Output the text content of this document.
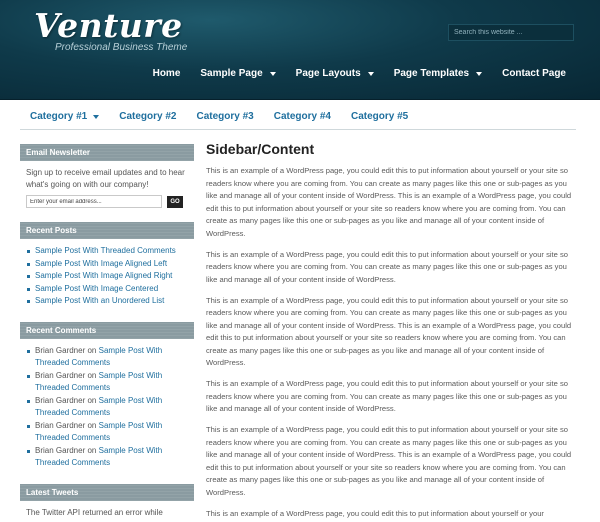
Venture
Professional Business Theme
Search this website ...
Home Sample Page	Page Layouts	Page Templates	Contact Page
Category #1	Category #2 Category #3 Category #4 Category #5
Email Newsletter
Sign up to receive email updates and to hear what's going on with our company!
Enter your email address...
GO
Recent Posts
Sample Post With Threaded Comments
Sample Post With Image Aligned Left
Sample Post With Image Aligned Right
Sample Post With Image Centered
Sample Post With an Unordered List
Recent Comments
Brian Gardner on Sample Post With Threaded Comments
Brian Gardner on Sample Post With Threaded Comments
Brian Gardner on Sample Post With Threaded Comments
Brian Gardner on Sample Post With Threaded Comments
Brian Gardner on Sample Post With Threaded Comments
Latest Tweets
The Twitter API returned an error while
Sidebar/Content

This is an example of a WordPress page, you could edit this to put information about yourself or your site so readers know where you are coming from. You can create as many pages like this one or sub-pages as you like and manage all of your content inside of WordPress. This is an example of a WordPress page, you could edit this to put information about yourself or your site so readers know where you are coming from. You can create as many pages like this one or sub-pages as you like and manage all of your content inside of WordPress.

This is an example of a WordPress page, you could edit this to put information about yourself or your site so readers know where you are coming from. You can create as many pages like this one or sub-pages as you like and manage all of your content inside of WordPress.

This is an example of a WordPress page, you could edit this to put information about yourself or your site so readers know where you are coming from. You can create as many pages like this one or sub-pages as you like and manage all of your content inside of WordPress. This is an example of a WordPress page, you could edit this to put information about yourself or your site so readers know where you are coming from. You can create as many pages like this one or sub-pages as you like and manage all of your content inside of WordPress.

This is an example of a WordPress page, you could edit this to put information about yourself or your site so readers know where you are coming from. You can create as many pages like this one or sub-pages as you like and manage all of your content inside of WordPress.

This is an example of a WordPress page, you could edit this to put information about yourself or your site so readers know where you are coming from. You can create as many pages like this one or sub-pages as you like and manage all of your content inside of WordPress. This is an example of a WordPress page, you could edit this to put information about yourself or your site so readers know where you are coming from. You can create as many pages like this one or sub-pages as you like and manage all of your content inside of WordPress.

This is an example of a WordPress page, you could edit this to put information about yourself or your
